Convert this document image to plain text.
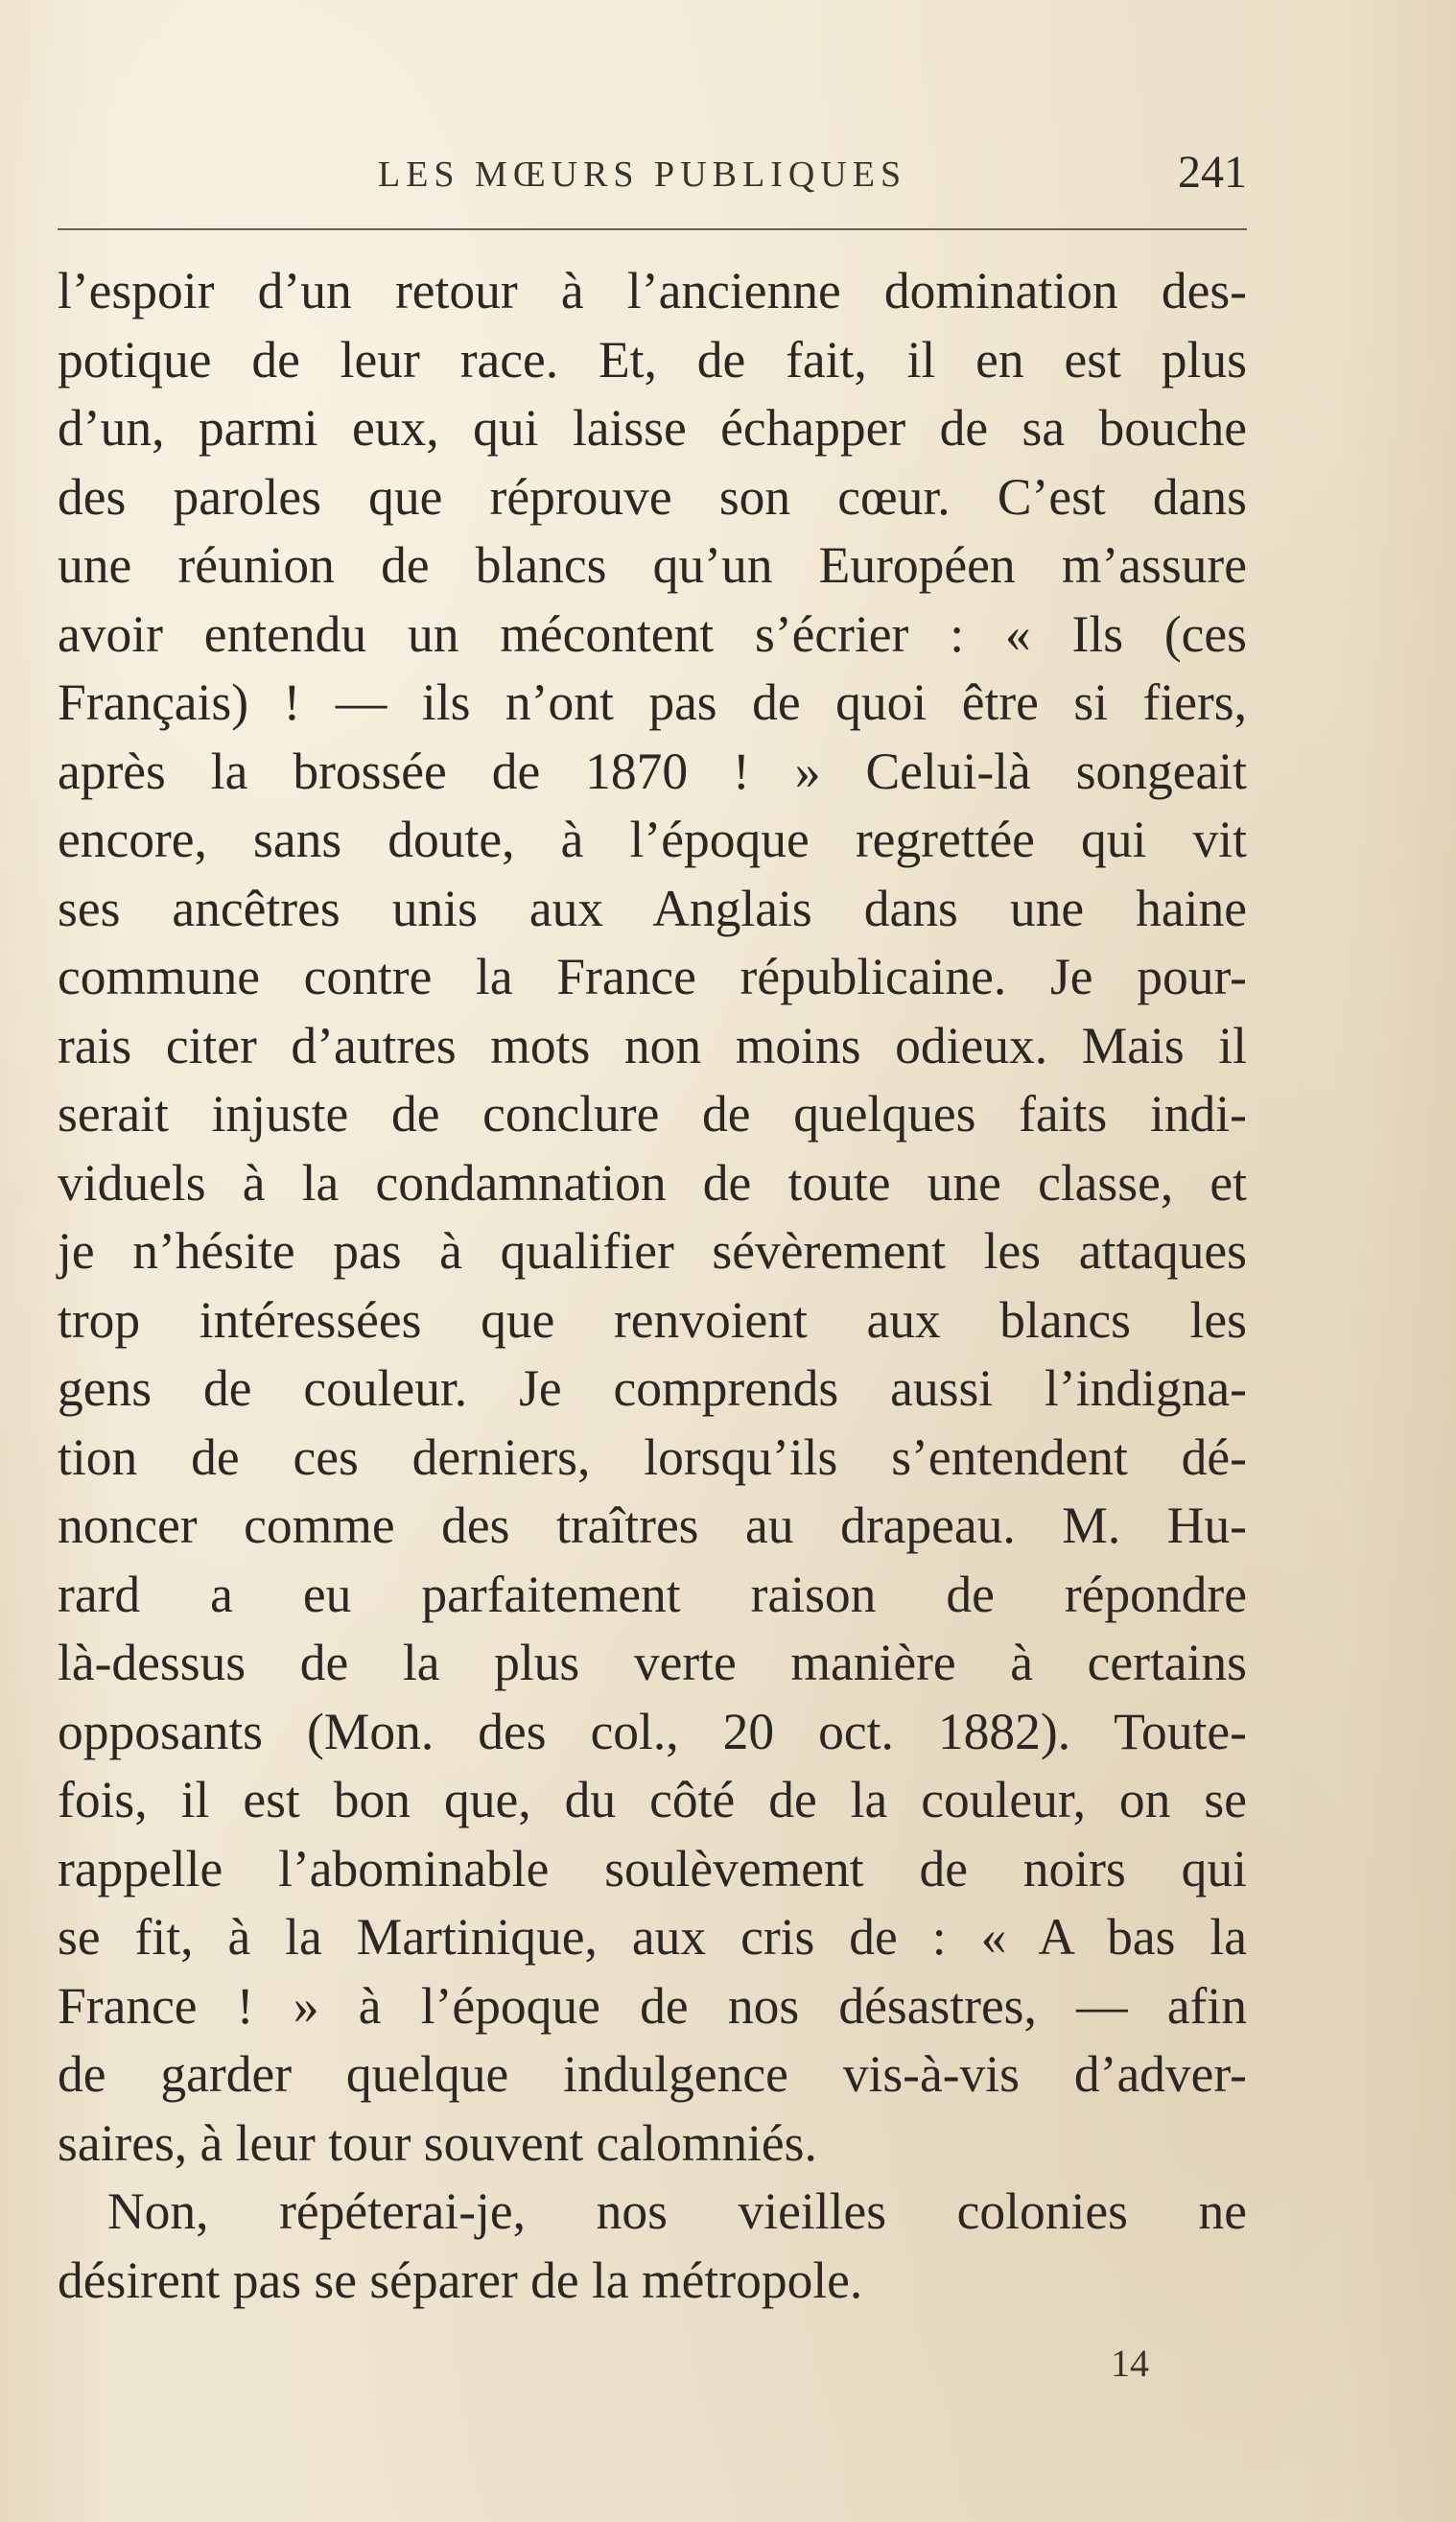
LES MŒURS PUBLIQUES	241
l’espoir d’un retour à l’ancienne domination des-
potique de leur race. Et, de fait, il en est plus
d’un, parmi eux, qui laisse échapper de sa bouche
des paroles que réprouve son cœur. C’est dans
une réunion de blancs qu’un Européen m’assure
avoir entendu un mécontent s’écrier : « Ils (ces
Français) ! — ils n’ont pas de quoi être si fiers,
après la brossée de 1870 ! » Celui-là songeait
encore, sans doute, à l’époque regrettée qui vit
ses ancêtres unis aux Anglais dans une haine
commune contre la France républicaine. Je pour-
rais citer d’autres mots non moins odieux. Mais il
serait injuste de conclure de quelques faits indi-
viduels à la condamnation de toute une classe, et
je n’hésite pas à qualifier sévèrement les attaques
trop intéressées que renvoient aux blancs les
gens de couleur. Je comprends aussi l’indigna-
tion de ces derniers, lorsqu’ils s’entendent dé-
noncer comme des traîtres au drapeau. M. Hu-
rard a eu parfaitement raison de répondre
là-dessus de la plus verte manière à certains
opposants (Mon. des col., 20 oct. 1882). Toute-
fois, il est bon que, du côté de la couleur, on se
rappelle l’abominable soulèvement de noirs qui
se fit, à la Martinique, aux cris de : « A bas la
France ! » à l’époque de nos désastres, — afin
de garder quelque indulgence vis-à-vis d’adver-
saires, à leur tour souvent calomniés.
Non, répéterai-je, nos vieilles colonies ne
désirent pas se séparer de la métropole.
14
